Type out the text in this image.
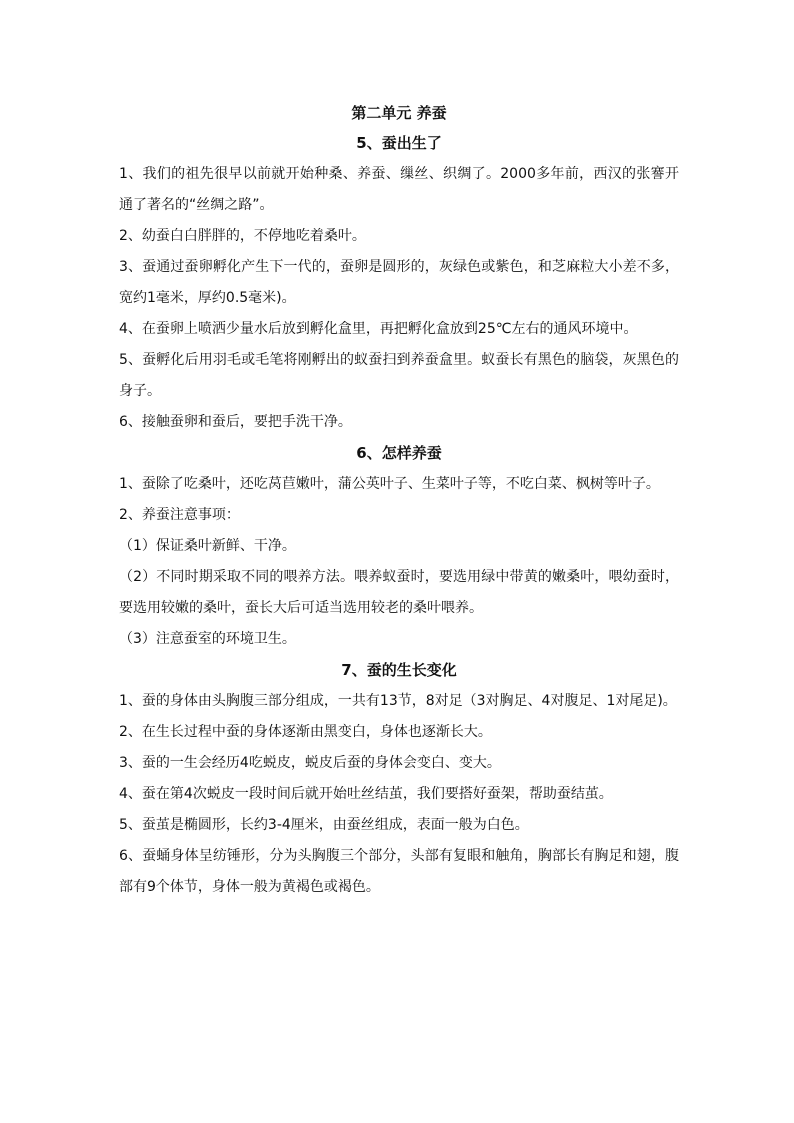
第二单元 养蚕
5、蚕出生了

1、我们的祖先很早以前就开始种桑、养蚕、缫丝、织绸了。2000多年前，西汉的张謇开通了著名的“丝绸之路”。

2、幼蚕白白胖胖的，不停地吃着桑叶。

3、蚕通过蚕卵孵化产生下一代的，蚕卵是圆形的，灰绿色或紫色，和芝麻粒大小差不多，宽约1毫米，厚约0.5毫米)。

4、在蚕卵上喷洒少量水后放到孵化盒里，再把孵化盒放到25℃左右的通风环境中。

5、蚕孵化后用羽毛或毛笔将刚孵出的蚁蚕扫到养蚕盒里。蚁蚕长有黑色的脑袋，灰黑色的身子。

6、接触蚕卵和蚕后，要把手洗干净。

6、怎样养蚕

1、蚕除了吃桑叶，还吃莴苣嫩叶，蒲公英叶子、生菜叶子等，不吃白菜、枫树等叶子。

2、养蚕注意事项：

（1）保证桑叶新鲜、干净。

（2）不同时期采取不同的喂养方法。喂养蚁蚕时，要选用绿中带黄的嫩桑叶，喂幼蚕时，要选用较嫩的桑叶，蚕长大后可适当选用较老的桑叶喂养。

（3）注意蚕室的环境卫生。

7、蚕的生长变化

1、蚕的身体由头胸腹三部分组成，一共有13节，8对足（3对胸足、4对腹足、1对尾足)。

2、在生长过程中蚕的身体逐渐由黑变白，身体也逐渐长大。

3、蚕的一生会经历4吃蜕皮，蜕皮后蚕的身体会变白、变大。

4、蚕在第4次蜕皮一段时间后就开始吐丝结茧，我们要搭好蚕架，帮助蚕结茧。

5、蚕茧是椭圆形，长约3-4厘米，由蚕丝组成，表面一般为白色。

6、蚕蛹身体呈纺锤形，分为头胸腹三个部分，头部有复眼和触角，胸部长有胸足和翅，腹部有9个体节，身体一般为黄褐色或褐色。
